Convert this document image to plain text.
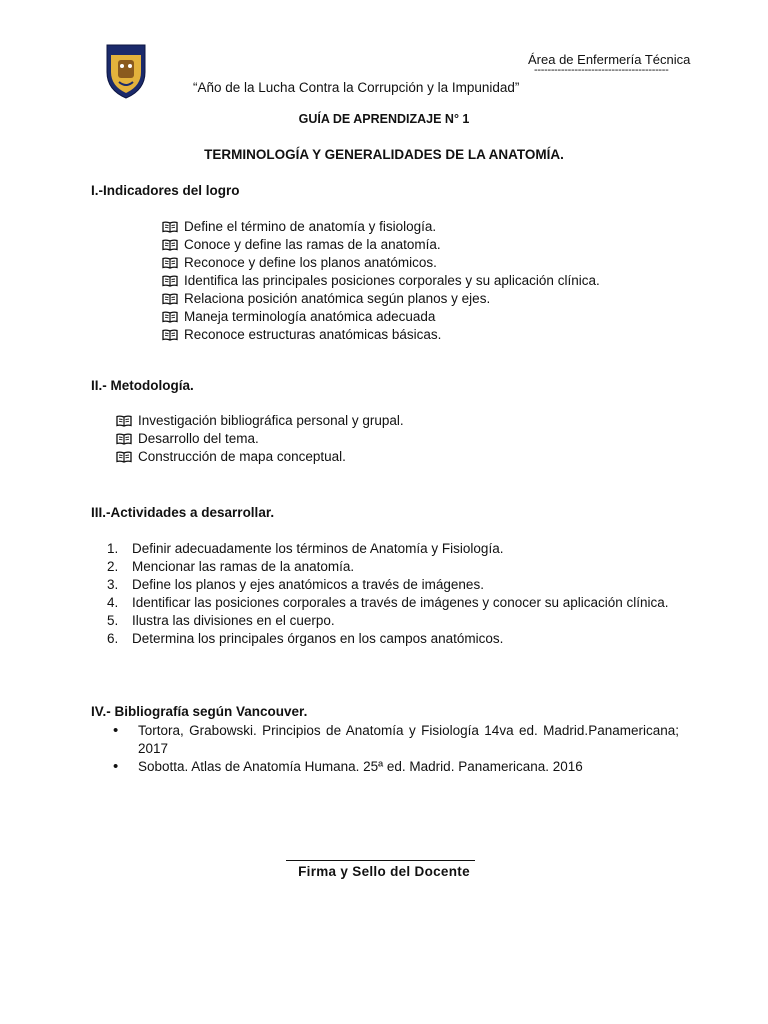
Área de Enfermería Técnica
----------------------------------------
“Año de la Lucha Contra la Corrupción y la Impunidad”
GUÍA DE APRENDIZAJE N° 1
TERMINOLOGÍA Y GENERALIDADES DE LA ANATOMÍA.
I.-Indicadores del logro
Define el término de anatomía y fisiología.
Conoce y define las ramas de la anatomía.
Reconoce y define los planos anatómicos.
Identifica las principales posiciones corporales y su aplicación clínica.
Relaciona posición anatómica según planos y ejes.
Maneja terminología anatómica adecuada
Reconoce estructuras anatómicas básicas.
II.- Metodología.
Investigación bibliográfica personal y grupal.
Desarrollo del tema.
Construcción de mapa conceptual.
III.-Actividades a desarrollar.
1.	Definir adecuadamente los términos de Anatomía y Fisiología.
2.	Mencionar las ramas de la anatomía.
3.	Define los planos y ejes anatómicos a través de imágenes.
4.	Identificar las posiciones corporales a través de imágenes y conocer su aplicación clínica.
5.	Ilustra las divisiones en el cuerpo.
6.	Determina los principales órganos en los campos anatómicos.
IV.- Bibliografía según Vancouver.
•	Tortora, Grabowski. Principios de Anatomía y Fisiología 14va ed. Madrid.Panamericana; 2017
•	Sobotta. Atlas de Anatomía Humana. 25ª ed. Madrid. Panamericana. 2016
Firma y Sello del Docente
